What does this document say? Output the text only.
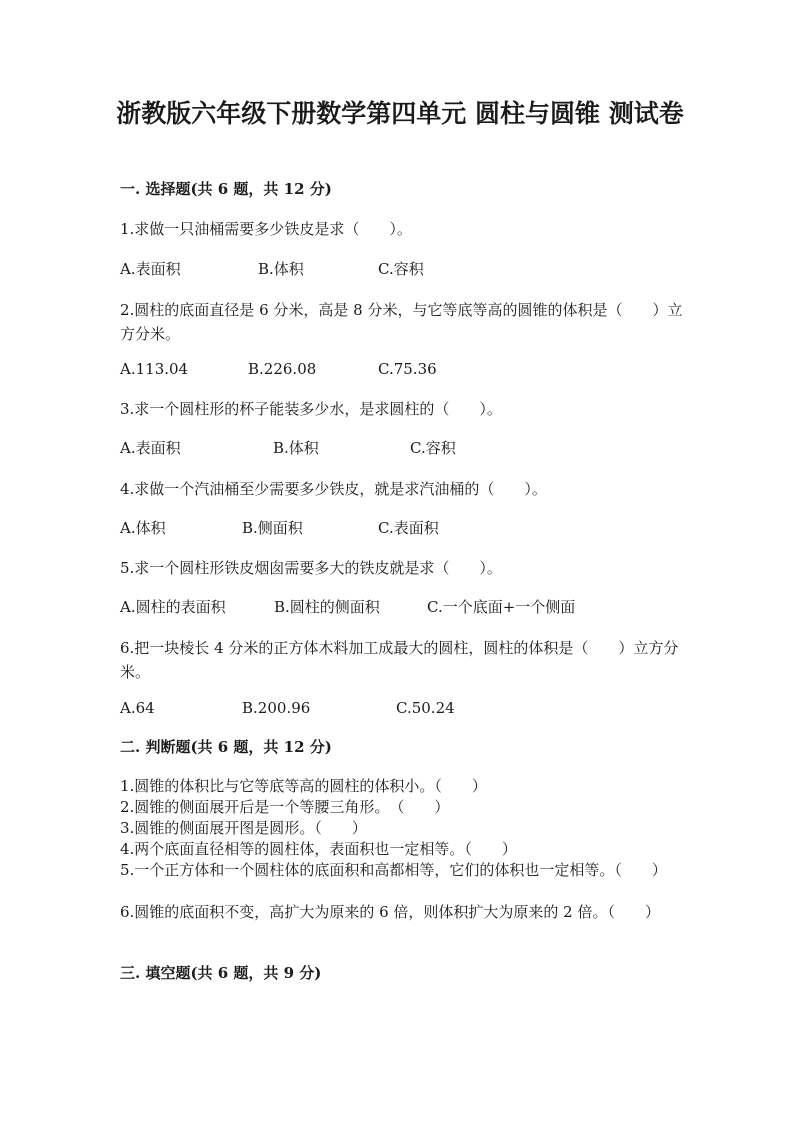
浙教版六年级下册数学第四单元 圆柱与圆锥 测试卷
一. 选择题(共 6 题，共 12 分)
1.求做一只油桶需要多少铁皮是求（　　）。
A.表面积	B.体积	C.容积
2.圆柱的底面直径是 6 分米，高是 8 分米，与它等底等高的圆锥的体积是（　　）立方分米。
A.113.04	B.226.08	C.75.36
3.求一个圆柱形的杯子能装多少水，是求圆柱的（　　）。
A.表面积	B.体积	C.容积
4.求做一个汽油桶至少需要多少铁皮，就是求汽油桶的（　　）。
A.体积	B.侧面积	C.表面积
5.求一个圆柱形铁皮烟囱需要多大的铁皮就是求（　　）。
A.圆柱的表面积	B.圆柱的侧面积	C.一个底面+一个侧面
6.把一块棱长 4 分米的正方体木料加工成最大的圆柱，圆柱的体积是（　　）立方分米。
A.64	B.200.96	C.50.24
二. 判断题(共 6 题，共 12 分)
1.圆锥的体积比与它等底等高的圆柱的体积小。（　　）
2.圆锥的侧面展开后是一个等腰三角形。　（　　）
3.圆锥的侧面展开图是圆形。（　　）
4.两个底面直径相等的圆柱体，表面积也一定相等。（　　）
5.一个正方体和一个圆柱体的底面积和高都相等，它们的体积也一定相等。（　　）
6.圆锥的底面积不变，高扩大为原来的 6 倍，则体积扩大为原来的 2 倍。（　　）
三. 填空题(共 6 题，共 9 分)
